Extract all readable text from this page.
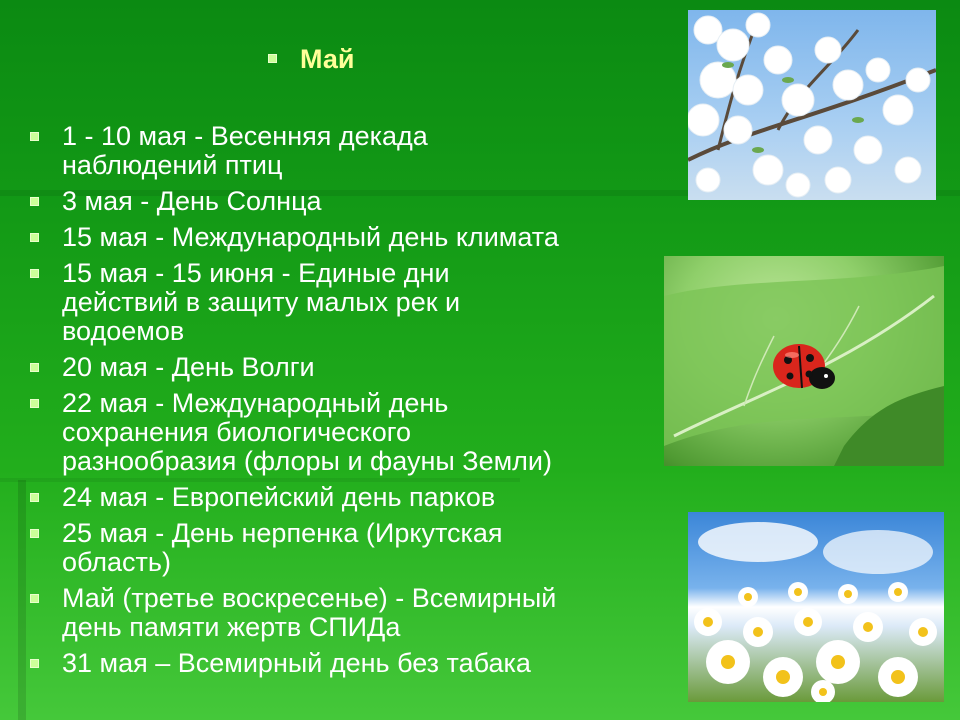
Май
1 - 10 мая - Весенняя декада
наблюдений птиц
3 мая - День Солнца
15 мая - Международный день климата
15 мая - 15 июня - Единые дни
действий в защиту малых рек и
водоемов
20 мая - День Волги
22 мая - Международный день
сохранения биологического
разнообразия (флоры и фауны Земли)
24 мая - Европейский день парков
25 мая - День нерпенка (Иркутская
область)
Май (третье воскресенье) - Всемирный
день памяти жертв СПИДа
31 мая – Всемирный день без табака
